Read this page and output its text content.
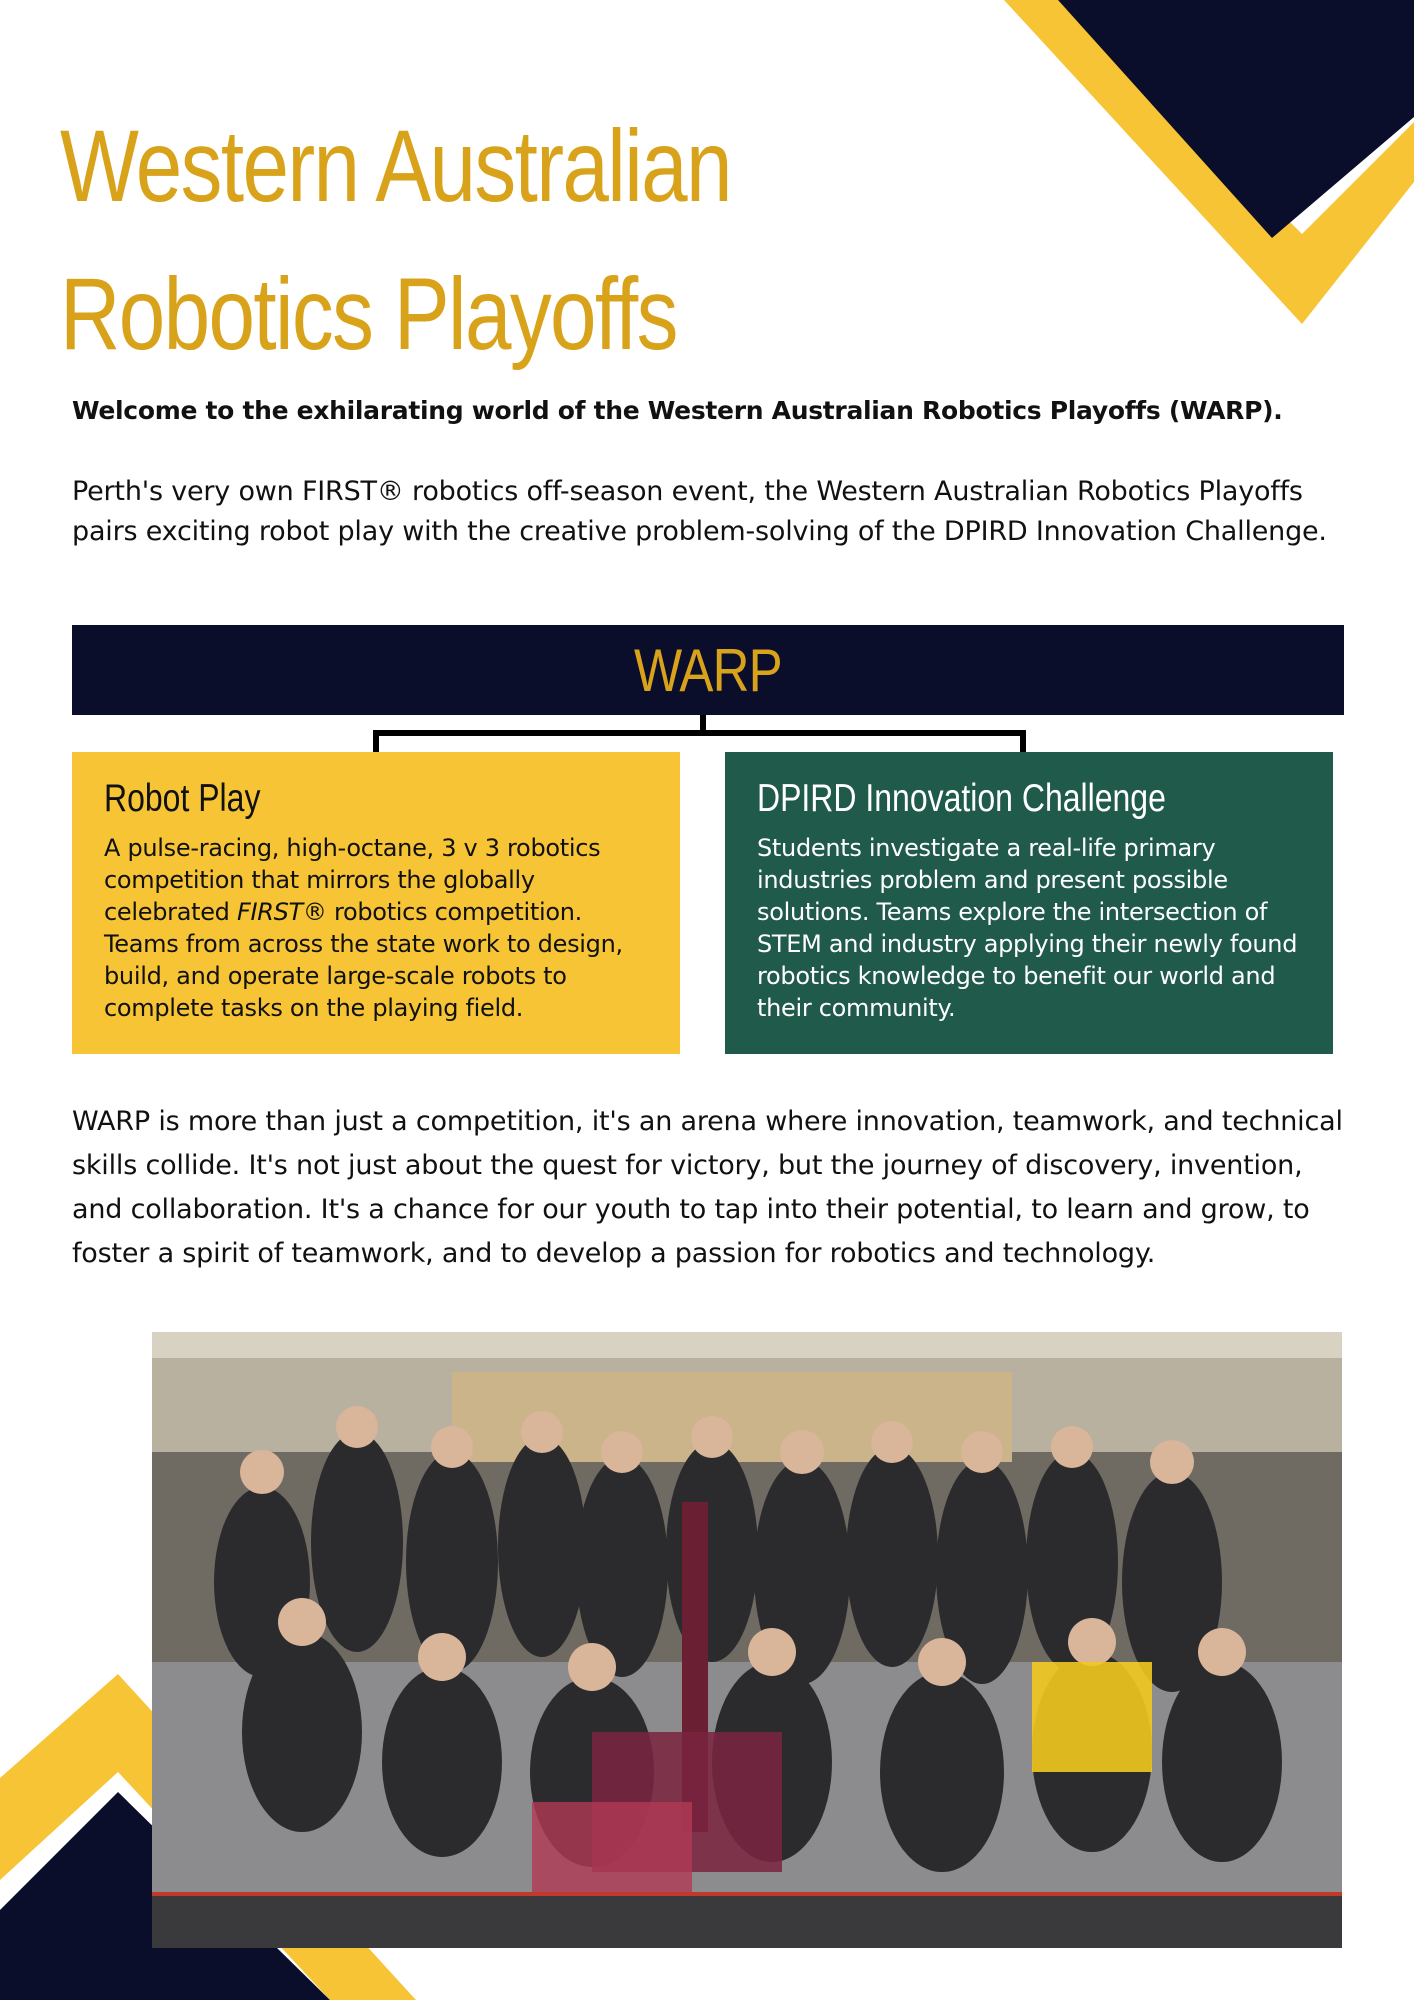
Western Australian
Robotics Playoffs
Welcome to the exhilarating world of the Western Australian Robotics Playoffs (WARP).
Perth's very own FIRST® robotics off-season event, the Western Australian Robotics Playoffs pairs exciting robot play with the creative problem-solving of the DPIRD Innovation Challenge.
WARP
Robot Play
A pulse-racing, high-octane, 3 v 3 robotics competition that mirrors the globally celebrated FIRST® robotics competition. Teams from across the state work to design, build, and operate large-scale robots to complete tasks on the playing field.
DPIRD Innovation Challenge
Students investigate a real-life primary industries problem and present possible solutions. Teams explore the intersection of STEM and industry applying their newly found robotics knowledge to benefit our world and their community.
WARP is more than just a competition, it's an arena where innovation, teamwork, and technical skills collide. It's not just about the quest for victory, but the journey of discovery, invention, and collaboration. It's a chance for our youth to tap into their potential, to learn and grow, to foster a spirit of teamwork, and to develop a passion for robotics and technology.
